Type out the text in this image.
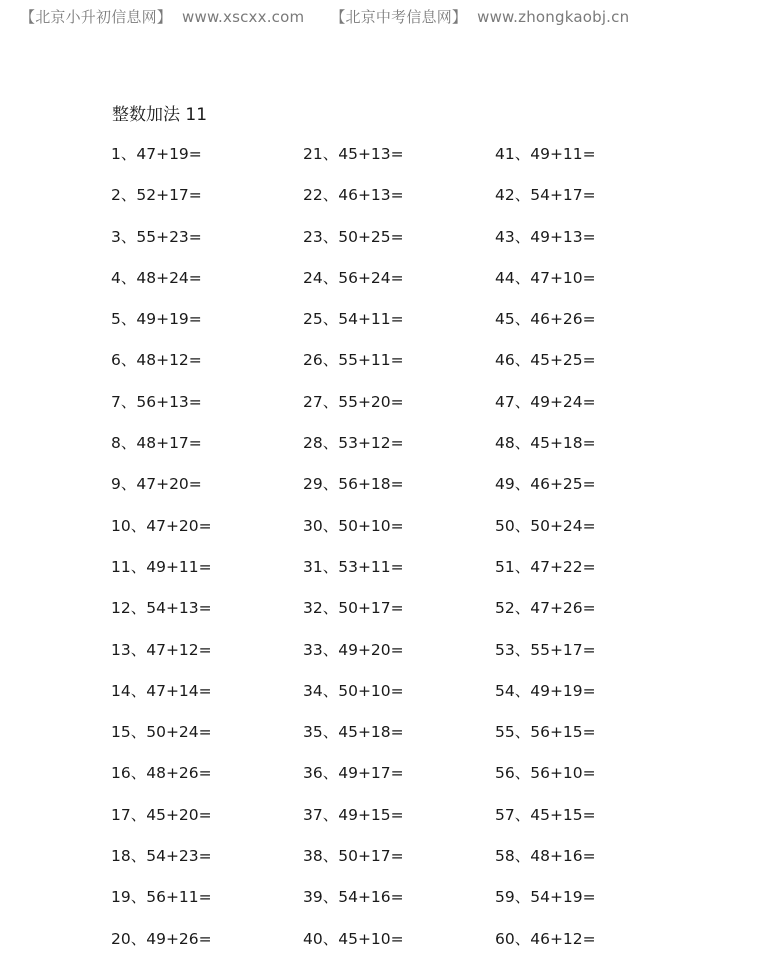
【北京小升初信息网】 www.xscxx.com 【北京中考信息网】 www.zhongkaobj.cn
整数加法 11
1、47+19=
2、52+17=
3、55+23=
4、48+24=
5、49+19=
6、48+12=
7、56+13=
8、48+17=
9、47+20=
10、47+20=
11、49+11=
12、54+13=
13、47+12=
14、47+14=
15、50+24=
16、48+26=
17、45+20=
18、54+23=
19、56+11=
20、49+26=
21、45+13=
22、46+13=
23、50+25=
24、56+24=
25、54+11=
26、55+11=
27、55+20=
28、53+12=
29、56+18=
30、50+10=
31、53+11=
32、50+17=
33、49+20=
34、50+10=
35、45+18=
36、49+17=
37、49+15=
38、50+17=
39、54+16=
40、45+10=
41、49+11=
42、54+17=
43、49+13=
44、47+10=
45、46+26=
46、45+25=
47、49+24=
48、45+18=
49、46+25=
50、50+24=
51、47+22=
52、47+26=
53、55+17=
54、49+19=
55、56+15=
56、56+10=
57、45+15=
58、48+16=
59、54+19=
60、46+12=
